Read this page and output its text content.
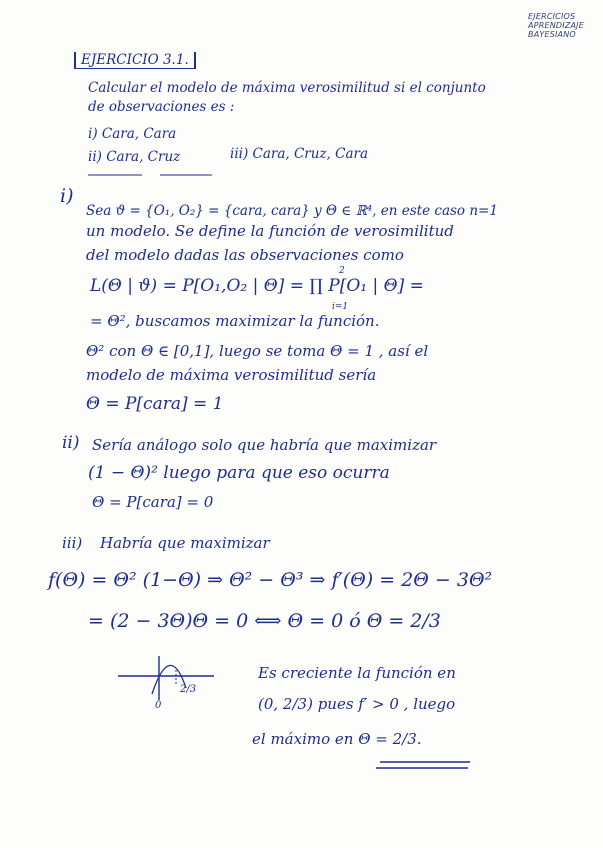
EJERCICIOS
APRENDIZAJE
BAYESIANO
EJERCICIO 3.1.
Calcular el modelo de máxima verosimilitud si el conjunto
de observaciones es :
i) Cara, Cara
ii) Cara, Cruz	iii) Cara, Cruz, Cara
i)
Sea ϑ = {O₁, O₂} = {cara, cara} y Θ ∈ ℝ⁴, en este caso n=1
un modelo. Se define la función de verosimilitud
del modelo dadas las observaciones como
L(Θ | ϑ) = P[O₁,O₂ | Θ] = ∏ P[O₁ | Θ] =
2
i=1
= Θ², buscamos maximizar la función.
Θ² con Θ ∈ [0,1], luego se toma Θ = 1 , así el
modelo de máxima verosimilitud sería
Θ = P[cara] = 1
ii) Sería análogo solo que habría que maximizar
(1 − Θ)² luego para que eso ocurra
Θ = P[cara] = 0
iii) Habría que maximizar
f(Θ) = Θ² (1−Θ) ⇒ Θ² − Θ³ ⇒ f′(Θ) = 2Θ − 3Θ²
= (2 − 3Θ)Θ = 0 ⟺ Θ = 0 ó Θ = 2/3
0
2/3
Es creciente la función en
(0, 2/3) pues f′ > 0 , luego
el máximo en Θ = 2/3.
